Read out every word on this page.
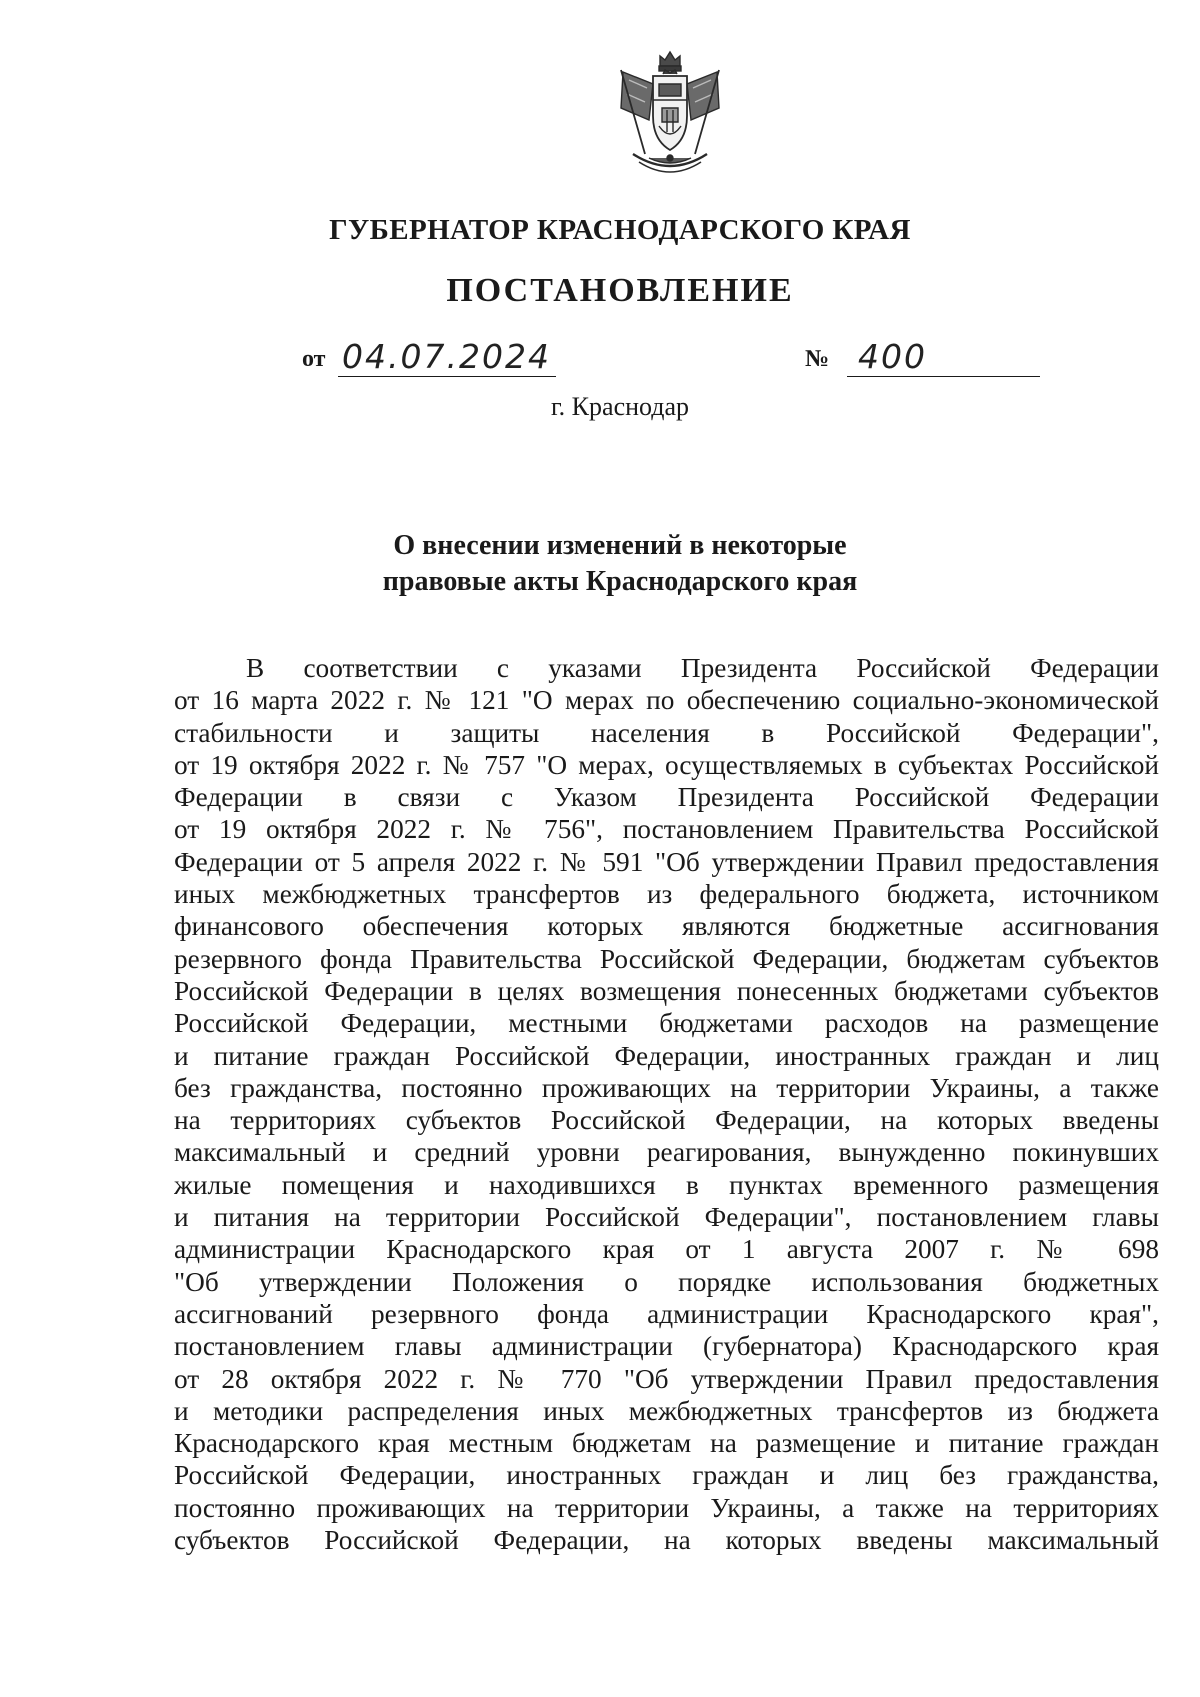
ГУБЕРНАТОР КРАСНОДАРСКОГО КРАЯ
ПОСТАНОВЛЕНИЕ
от 04.07.2024	№ 400
г. Краснодар
О внесении изменений в некоторые
правовые акты Краснодарского края
В соответствии с указами Президента Российской Федерации
от 16 марта 2022 г. № 121 "О мерах по обеспечению социально-экономической
стабильности и защиты населения в Российской Федерации",
от 19 октября 2022 г. № 757 "О мерах, осуществляемых в субъектах Российской
Федерации в связи с Указом Президента Российской Федерации
от 19 октября 2022 г. № 756", постановлением Правительства Российской
Федерации от 5 апреля 2022 г. № 591 "Об утверждении Правил предоставления
иных межбюджетных трансфертов из федерального бюджета, источником
финансового обеспечения которых являются бюджетные ассигнования
резервного фонда Правительства Российской Федерации, бюджетам субъектов
Российской Федерации в целях возмещения понесенных бюджетами субъектов
Российской Федерации, местными бюджетами расходов на размещение
и питание граждан Российской Федерации, иностранных граждан и лиц
без гражданства, постоянно проживающих на территории Украины, а также
на территориях субъектов Российской Федерации, на которых введены
максимальный и средний уровни реагирования, вынужденно покинувших
жилые помещения и находившихся в пунктах временного размещения
и питания на территории Российской Федерации", постановлением главы
администрации Краснодарского края от 1 августа 2007 г. № 698
"Об утверждении Положения о порядке использования бюджетных
ассигнований резервного фонда администрации Краснодарского края",
постановлением главы администрации (губернатора) Краснодарского края
от 28 октября 2022 г. № 770 "Об утверждении Правил предоставления
и методики распределения иных межбюджетных трансфертов из бюджета
Краснодарского края местным бюджетам на размещение и питание граждан
Российской Федерации, иностранных граждан и лиц без гражданства,
постоянно проживающих на территории Украины, а также на территориях
субъектов Российской Федерации, на которых введены максимальный
